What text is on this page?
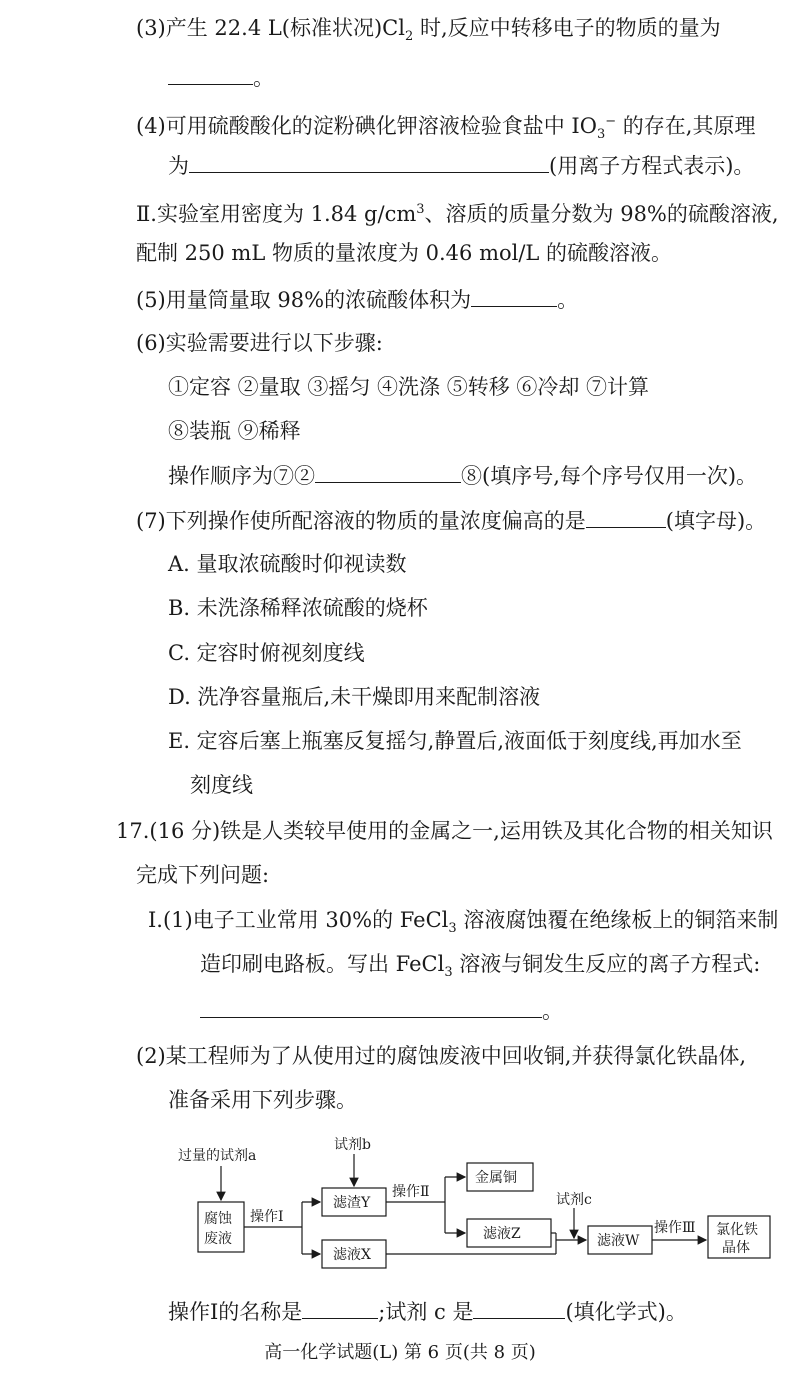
(3)产生 22.4 L(标准状况)$Cl_2$ 时,反应中转移电子的物质的量为
。
(4)可用硫酸酸化的淀粉碘化钾溶液检验食盐中 $IO_3^-$ 的存在,其原理
为	(用离子方程式表示)。
Ⅱ.实验室用密度为 1.84 $g/cm^3$、溶质的质量分数为 98%的硫酸溶液,
配制 250 mL 物质的量浓度为 0.46 mol/L 的硫酸溶液。
(5)用量筒量取 98%的浓硫酸体积为	。
(6)实验需要进行以下步骤:
①定容 ②量取 ③摇匀 ④洗涤 ⑤转移 ⑥冷却 ⑦计算
⑧装瓶 ⑨稀释
操作顺序为⑦②	⑧(填序号,每个序号仅用一次)。
(7)下列操作使所配溶液的物质的量浓度偏高的是	(填字母)。
A. 量取浓硫酸时仰视读数
B. 未洗涤稀释浓硫酸的烧杯
C. 定容时俯视刻度线
D. 洗净容量瓶后,未干燥即用来配制溶液
E. 定容后塞上瓶塞反复摇匀,静置后,液面低于刻度线,再加水至
刻度线
17.(16 分)铁是人类较早使用的金属之一,运用铁及其化合物的相关知识
完成下列问题:
Ⅰ.(1)电子工业常用 30%的 FeCl$_3$ 溶液腐蚀覆在绝缘板上的铜箔来制
造印刷电路板。写出 FeCl$_3$ 溶液与铜发生反应的离子方程式:
。
(2)某工程师为了从使用过的腐蚀废液中回收铜,并获得氯化铁晶体,
准备采用下列步骤。
过量的试剂a
试剂b
试剂c
腐蚀
废液
操作Ⅰ
操作Ⅱ
操作Ⅲ
滤渣Y
滤液X
金属铜
滤液Z	滤液W
氯化铁
晶体
操作Ⅰ的名称是	;试剂 c 是	(填化学式)。
高一化学试题(L) 第 6 页(共 8 页)
